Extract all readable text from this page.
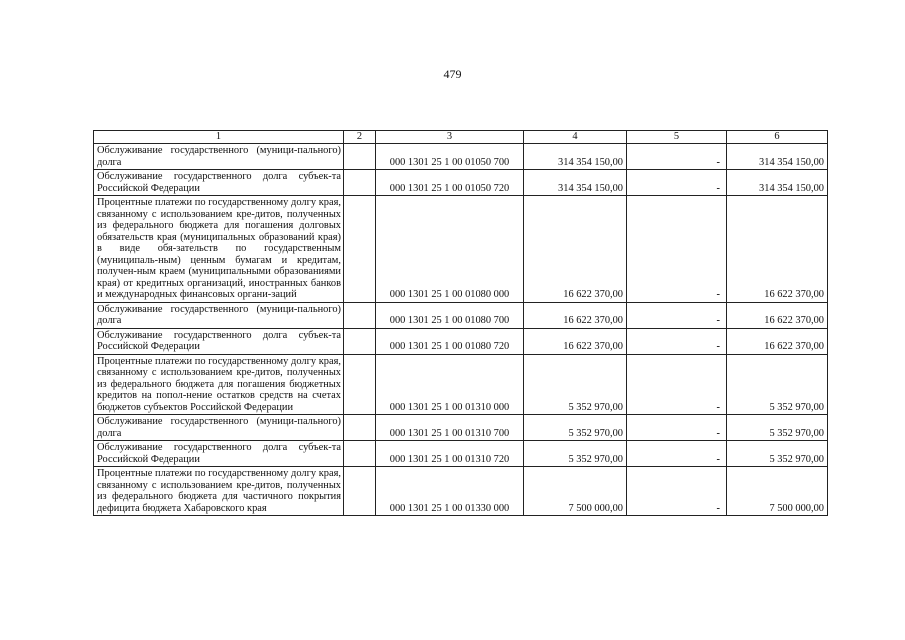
479
1	2	3	4	5	6
Обслуживание государственного (муници-пального) долга		000 1301 25 1 00 01050 700	314 354 150,00	-	314 354 150,00
Обслуживание государственного долга субъек-та Российской Федерации		000 1301 25 1 00 01050 720	314 354 150,00	-	314 354 150,00
Процентные платежи по государственному долгу края, связанному с использованием кре-дитов, полученных из федерального бюджета для погашения долговых обязательств края (муниципальных образований края) в виде обя-зательств по государственным (муниципаль-ным) ценным бумагам и кредитам, получен-ным краем (муниципальными образованиями края) от кредитных организаций, иностранных банков и международных финансовых органи-заций		000 1301 25 1 00 01080 000	16 622 370,00	-	16 622 370,00
Обслуживание государственного (муници-пального) долга		000 1301 25 1 00 01080 700	16 622 370,00	-	16 622 370,00
Обслуживание государственного долга субъек-та Российской Федерации		000 1301 25 1 00 01080 720	16 622 370,00	-	16 622 370,00
Процентные платежи по государственному долгу края, связанному с использованием кре-дитов, полученных из федерального бюджета для погашения бюджетных кредитов на попол-нение остатков средств на счетах бюджетов субъектов Российской Федерации		000 1301 25 1 00 01310 000	5 352 970,00	-	5 352 970,00
Обслуживание государственного (муници-пального) долга		000 1301 25 1 00 01310 700	5 352 970,00	-	5 352 970,00
Обслуживание государственного долга субъек-та Российской Федерации		000 1301 25 1 00 01310 720	5 352 970,00	-	5 352 970,00
Процентные платежи по государственному долгу края, связанному с использованием кре-дитов, полученных из федерального бюджета для частичного покрытия дефицита бюджета Хабаровского края		000 1301 25 1 00 01330 000	7 500 000,00	-	7 500 000,00
